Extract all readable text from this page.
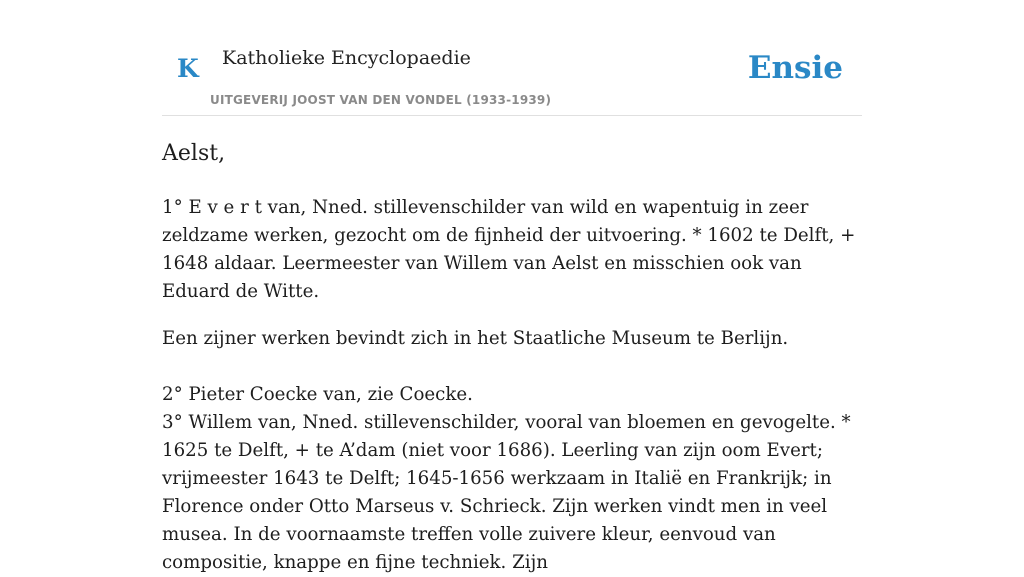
K Katholieke Encyclopaedie
UITGEVERIJ JOOST VAN DEN VONDEL (1933-1939)
Ensie
Aelst,

1° E v e r t van, Nned. stillevenschilder van wild en wapentuig in zeer zeldzame werken, gezocht om de fijnheid der uitvoering. * 1602 te Delft, + 1648 aldaar. Leermeester van Willem van Aelst en misschien ook van Eduard de Witte.

Een zijner werken bevindt zich in het Staatliche Museum te Berlijn.

2° Pieter Coecke van, zie Coecke.

3° Willem van, Nned. stillevenschilder, vooral van bloemen en gevogelte. * 1625 te Delft, + te A’dam (niet voor 1686). Leerling van zijn oom Evert; vrijmeester 1643 te Delft; 1645-1656 werkzaam in Italië en Frankrijk; in Florence onder Otto Marseus v. Schrieck. Zijn werken vindt men in veel musea. In de voornaamste treffen volle zuivere kleur, eenvoud van compositie, knappe en fijne techniek. Zijn
